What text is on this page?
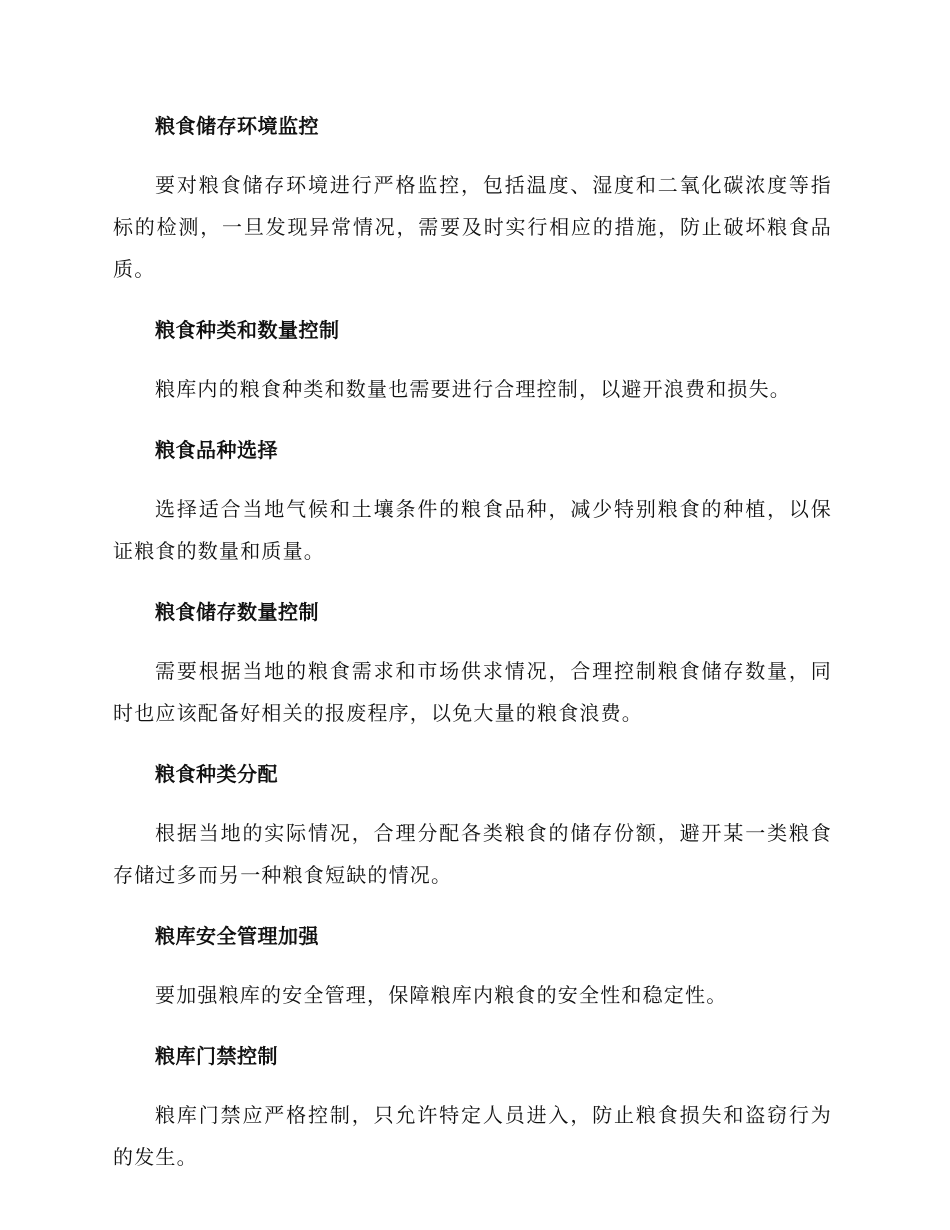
粮食储存环境监控
要对粮食储存环境进行严格监控，包括温度、湿度和二氧化碳浓度等指标的检测，一旦发现异常情况，需要及时实行相应的措施，防止破坏粮食品质。
粮食种类和数量控制
粮库内的粮食种类和数量也需要进行合理控制，以避开浪费和损失。
粮食品种选择
选择适合当地气候和土壤条件的粮食品种，减少特别粮食的种植，以保证粮食的数量和质量。
粮食储存数量控制
需要根据当地的粮食需求和市场供求情况，合理控制粮食储存数量，同时也应该配备好相关的报废程序，以免大量的粮食浪费。
粮食种类分配
根据当地的实际情况，合理分配各类粮食的储存份额，避开某一类粮食存储过多而另一种粮食短缺的情况。
粮库安全管理加强
要加强粮库的安全管理，保障粮库内粮食的安全性和稳定性。
粮库门禁控制
粮库门禁应严格控制，只允许特定人员进入，防止粮食损失和盗窃行为的发生。
